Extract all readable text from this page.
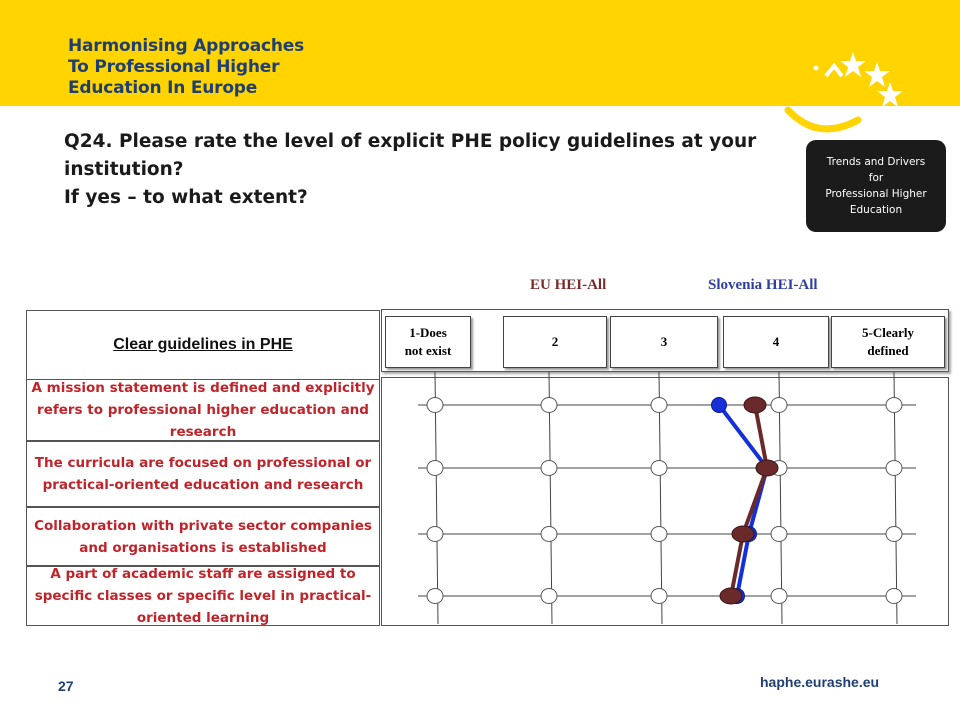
Harmonising Approaches
To Professional Higher
Education In Europe
Q24. Please rate the level of explicit PHE policy guidelines at your
institution?
If yes – to what extent?
Trends and Drivers
for
Professional Higher
Education
EU HEI-All	Slovenia HEI-All
Clear guidelines in PHE
A mission statement is defined and explicitly refers to professional higher education and research
The curricula are focused on professional or practical-oriented education and research
Collaboration with private sector companies and organisations is established
A part of academic staff are assigned to specific classes or specific level in practical-oriented learning
1-Does
not exist
2	3	4
5-Clearly
defined
27	haphe.eurashe.eu
